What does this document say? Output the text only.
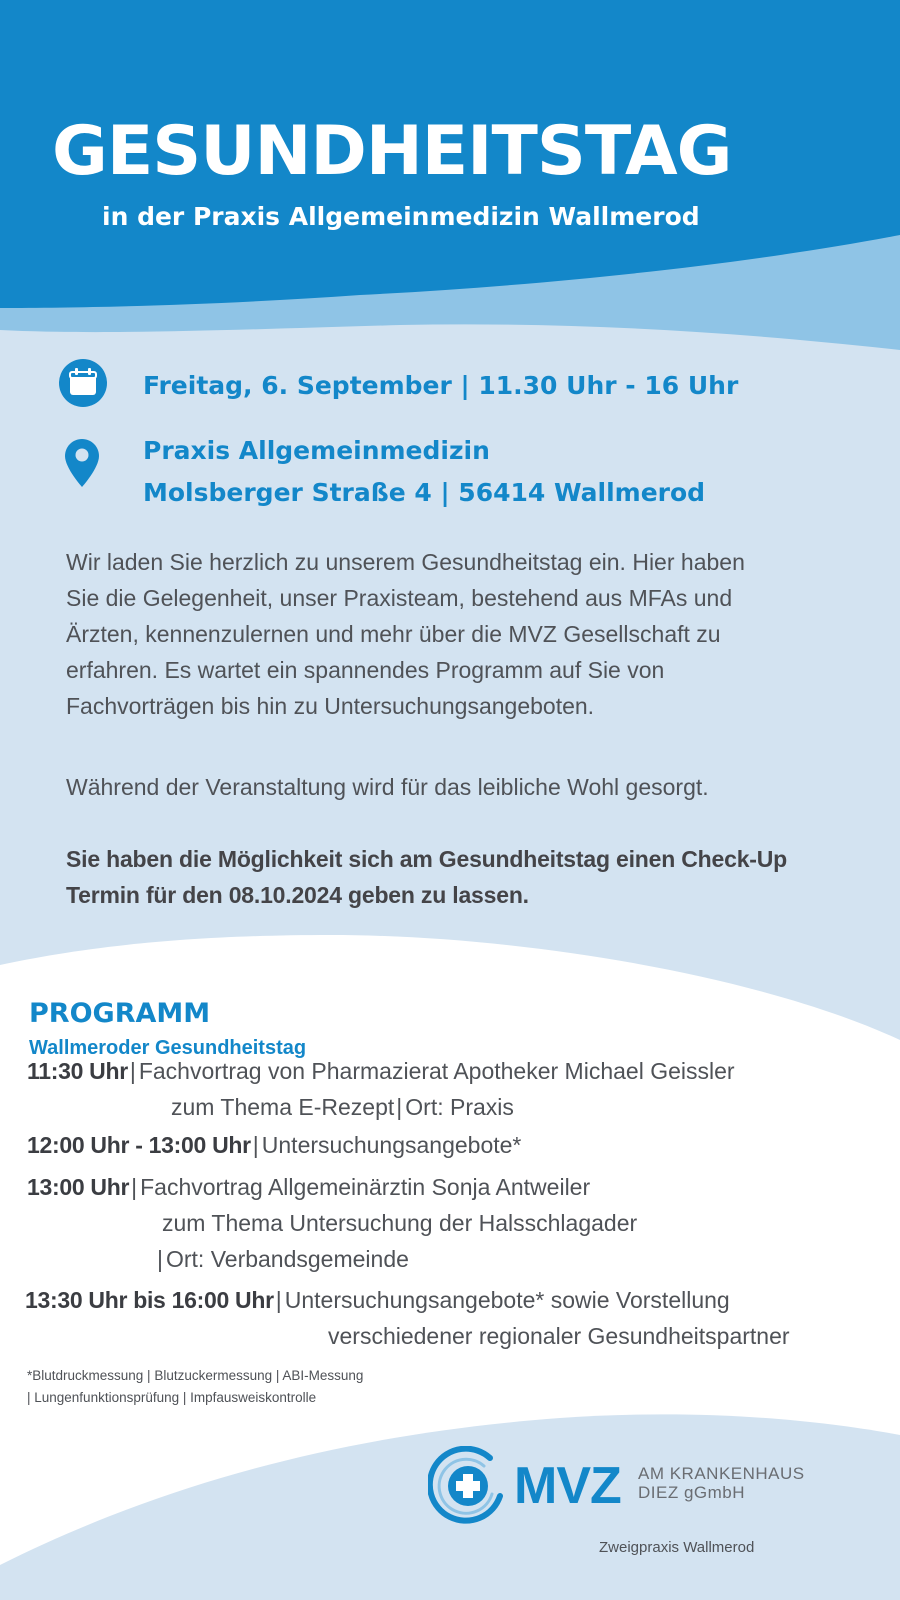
GESUNDHEITSTAG
in der Praxis Allgemeinmedizin Wallmerod
Freitag, 6. September | 11.30 Uhr - 16 Uhr
Praxis Allgemeinmedizin
Molsberger Straße 4 | 56414 Wallmerod
Wir laden Sie herzlich zu unserem Gesundheitstag ein. Hier haben
Sie die Gelegenheit, unser Praxisteam, bestehend aus MFAs und
Ärzten, kennenzulernen und mehr über die MVZ Gesellschaft zu
erfahren. Es wartet ein spannendes Programm auf Sie von
Fachvorträgen bis hin zu Untersuchungsangeboten.
Während der Veranstaltung wird für das leibliche Wohl gesorgt.
Sie haben die Möglichkeit sich am Gesundheitstag einen Check-Up
Termin für den 08.10.2024 geben zu lassen.
PROGRAMM
Wallmeroder Gesundheitstag
11:30 Uhr| Fachvortrag von Pharmazierat Apotheker Michael Geissler
zum Thema E-Rezept| Ort: Praxis
12:00 Uhr - 13:00 Uhr| Untersuchungsangebote*
13:00 Uhr| Fachvortrag Allgemeinärztin Sonja Antweiler
zum Thema Untersuchung der Halsschlagader
| Ort: Verbandsgemeinde
13:30 Uhr bis 16:00 Uhr| Untersuchungsangebote* sowie Vorstellung
verschiedener regionaler Gesundheitspartner
*Blutdruckmessung | Blutzuckermessung | ABI-Messung
| Lungenfunktionsprüfung | Impfausweiskontrolle
MVZ AM KRANKENHAUS
DIEZ gGmbH
Zweigpraxis Wallmerod
